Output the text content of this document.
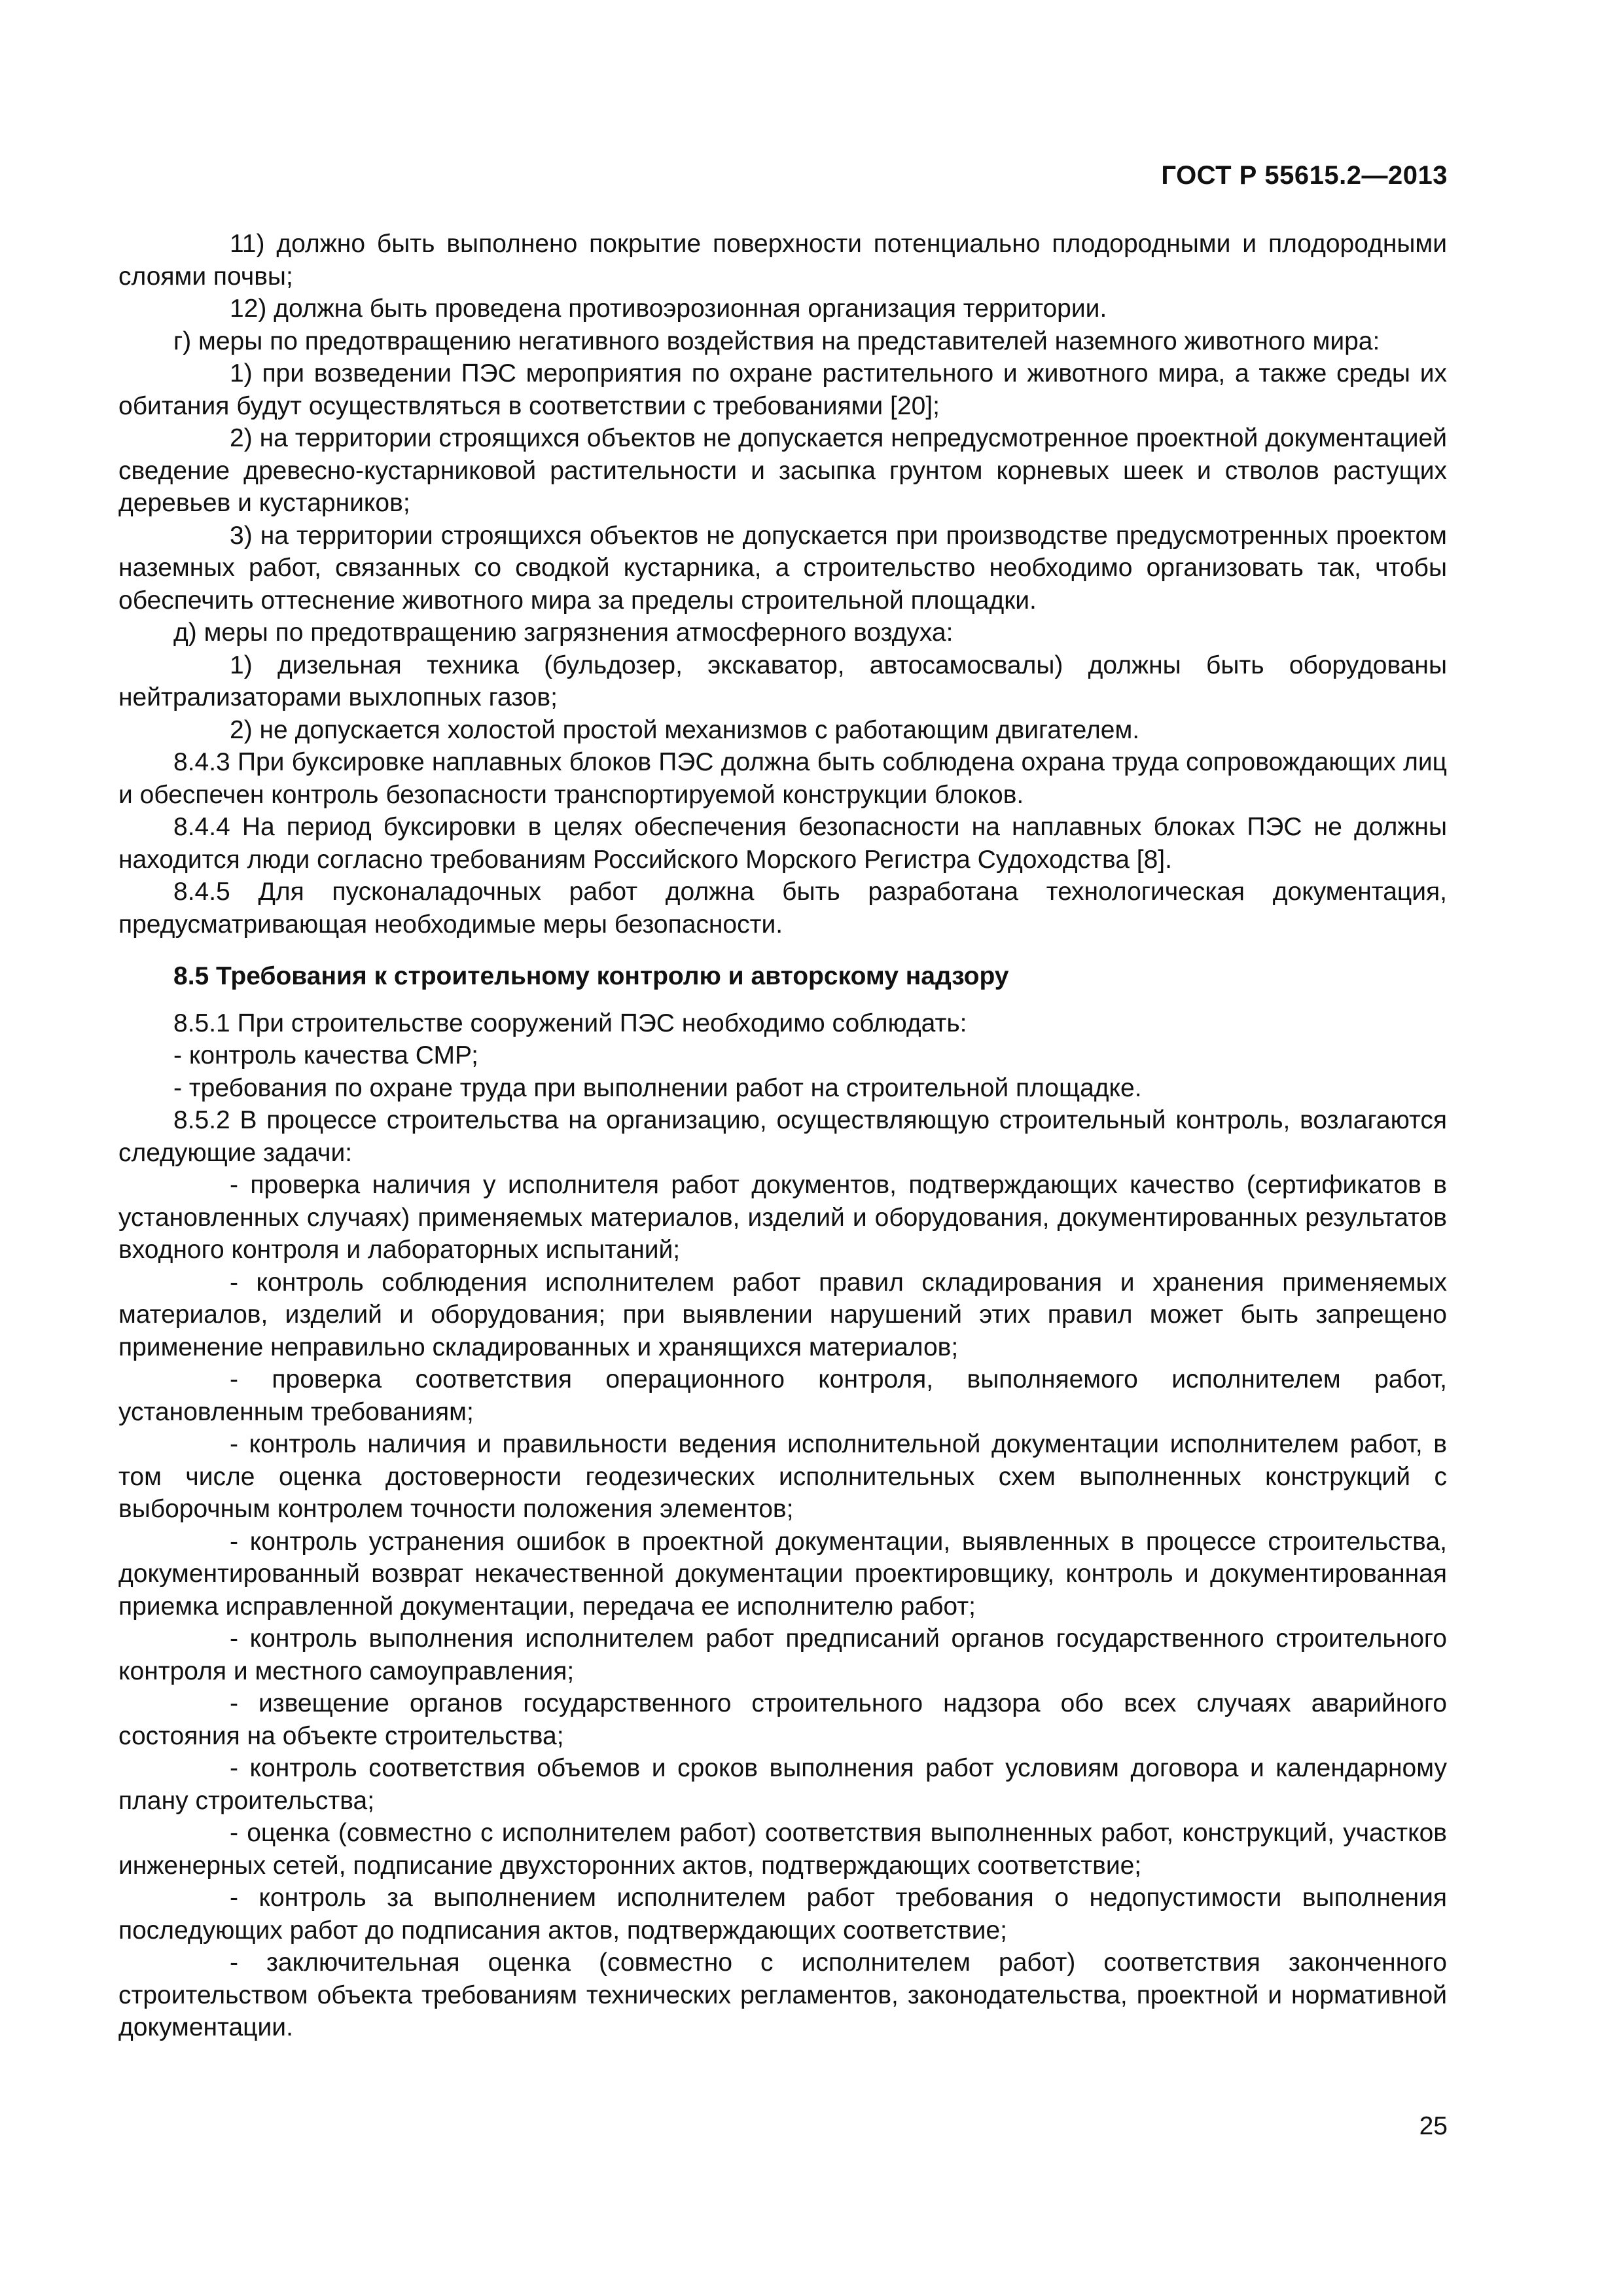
ГОСТ Р 55615.2—2013

11) должно быть выполнено покрытие поверхности потенциально плодородными и плодородными слоями почвы;

12) должна быть проведена противоэрозионная организация территории.

г) меры по предотвращению негативного воздействия на представителей наземного животного мира:

1) при возведении ПЭС мероприятия по охране растительного и животного мира, а также среды их обитания будут осуществляться в соответствии с требованиями [20];

2) на территории строящихся объектов не допускается непредусмотренное проектной документацией сведение древесно-кустарниковой растительности и засыпка грунтом корневых шеек и стволов растущих деревьев и кустарников;

3) на территории строящихся объектов не допускается при производстве предусмотренных проектом наземных работ, связанных со сводкой кустарника, а строительство необходимо организовать так, чтобы обеспечить оттеснение животного мира за пределы строительной площадки.

д) меры по предотвращению загрязнения атмосферного воздуха:

1) дизельная техника (бульдозер, экскаватор, автосамосвалы) должны быть оборудованы нейтрализаторами выхлопных газов;

2) не допускается холостой простой механизмов с работающим двигателем.

8.4.3 При буксировке наплавных блоков ПЭС должна быть соблюдена охрана труда сопровождающих лиц и обеспечен контроль безопасности транспортируемой конструкции блоков.

8.4.4 На период буксировки в целях обеспечения безопасности на наплавных блоках ПЭС не должны находится люди согласно требованиям Российского Морского Регистра Судоходства [8].

8.4.5 Для пусконаладочных работ должна быть разработана технологическая документация, предусматривающая необходимые меры безопасности.

8.5 Требования к строительному контролю и авторскому надзору

8.5.1 При строительстве сооружений ПЭС необходимо соблюдать:

- контроль качества СМР;

- требования по охране труда при выполнении работ на строительной площадке.

8.5.2 В процессе строительства на организацию, осуществляющую строительный контроль, возлагаются следующие задачи:

- проверка наличия у исполнителя работ документов, подтверждающих качество (сертификатов в установленных случаях) применяемых материалов, изделий и оборудования, документированных результатов входного контроля и лабораторных испытаний;

- контроль соблюдения исполнителем работ правил складирования и хранения применяемых материалов, изделий и оборудования; при выявлении нарушений этих правил может быть запрещено применение неправильно складированных и хранящихся материалов;

- проверка соответствия операционного контроля, выполняемого исполнителем работ, установленным требованиям;

- контроль наличия и правильности ведения исполнительной документации исполнителем работ, в том числе оценка достоверности геодезических исполнительных схем выполненных конструкций с выборочным контролем точности положения элементов;

- контроль устранения ошибок в проектной документации, выявленных в процессе строительства, документированный возврат некачественной документации проектировщику, контроль и документированная приемка исправленной документации, передача ее исполнителю работ;

- контроль выполнения исполнителем работ предписаний органов государственного строительного контроля и местного самоуправления;

- извещение органов государственного строительного надзора обо всех случаях аварийного состояния на объекте строительства;

- контроль соответствия объемов и сроков выполнения работ условиям договора и календарному плану строительства;

- оценка (совместно с исполнителем работ) соответствия выполненных работ, конструкций, участков инженерных сетей, подписание двухсторонних актов, подтверждающих соответствие;

- контроль за выполнением исполнителем работ требования о недопустимости выполнения последующих работ до подписания актов, подтверждающих соответствие;

- заключительная оценка (совместно с исполнителем работ) соответствия законченного строительством объекта требованиям технических регламентов, законодательства, проектной и нормативной документации.

25
